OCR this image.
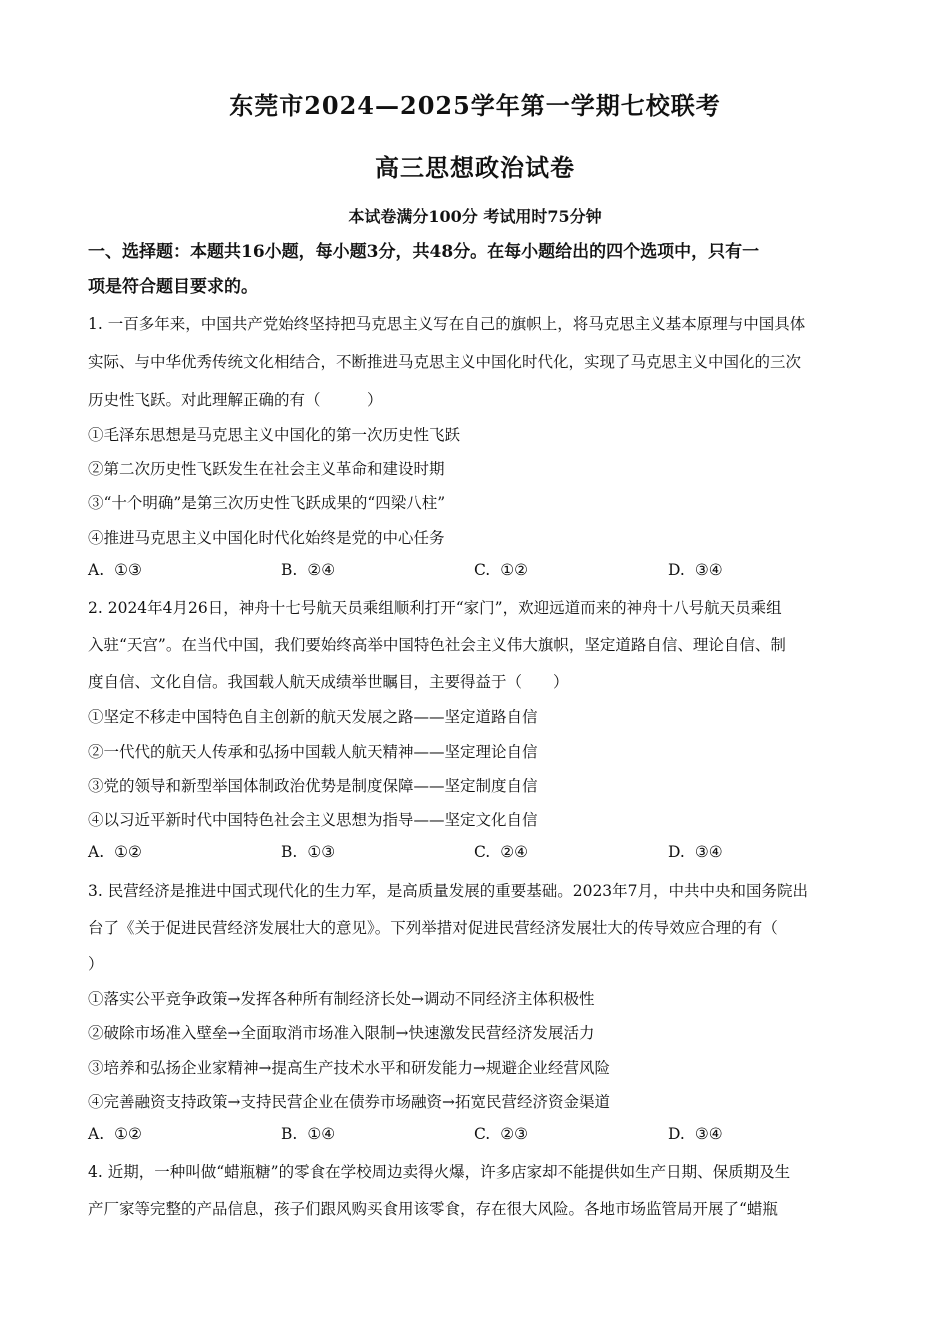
东莞市2024—2025学年第一学期七校联考
高三思想政治试卷
本试卷满分100分 考试用时75分钟
一、选择题：本题共16小题，每小题3分，共48分。在每小题给出的四个选项中，只有一
项是符合题目要求的。
1. 一百多年来，中国共产党始终坚持把马克思主义写在自己的旗帜上，将马克思主义基本原理与中国具体
实际、与中华优秀传统文化相结合，不断推进马克思主义中国化时代化，实现了马克思主义中国化的三次
历史性飞跃。对此理解正确的有（　　　）
①毛泽东思想是马克思主义中国化的第一次历史性飞跃
②第二次历史性飞跃发生在社会主义革命和建设时期
③“十个明确”是第三次历史性飞跃成果的“四梁八柱”
④推进马克思主义中国化时代化始终是党的中心任务
A. ①③	B. ②④	C. ①②	D. ③④
2. 2024年4月26日，神舟十七号航天员乘组顺利打开“家门”，欢迎远道而来的神舟十八号航天员乘组
入驻“天宫”。在当代中国，我们要始终高举中国特色社会主义伟大旗帜，坚定道路自信、理论自信、制
度自信、文化自信。我国载人航天成绩举世瞩目，主要得益于（　　）
①坚定不移走中国特色自主创新的航天发展之路——坚定道路自信
②一代代的航天人传承和弘扬中国载人航天精神——坚定理论自信
③党的领导和新型举国体制政治优势是制度保障——坚定制度自信
④以习近平新时代中国特色社会主义思想为指导——坚定文化自信
A. ①②	B. ①③	C. ②④	D. ③④
3. 民营经济是推进中国式现代化的生力军，是高质量发展的重要基础。2023年7月，中共中央和国务院出
台了《关于促进民营经济发展壮大的意见》。下列举措对促进民营经济发展壮大的传导效应合理的有（
）
①落实公平竞争政策→发挥各种所有制经济长处→调动不同经济主体积极性
②破除市场准入壁垒→全面取消市场准入限制→快速激发民营经济发展活力
③培养和弘扬企业家精神→提高生产技术水平和研发能力→规避企业经营风险
④完善融资支持政策→支持民营企业在债券市场融资→拓宽民营经济资金渠道
A. ①②	B. ①④	C. ②③	D. ③④
4. 近期，一种叫做“蜡瓶糖”的零食在学校周边卖得火爆，许多店家却不能提供如生产日期、保质期及生
产厂家等完整的产品信息，孩子们跟风购买食用该零食，存在很大风险。各地市场监管局开展了“蜡瓶
